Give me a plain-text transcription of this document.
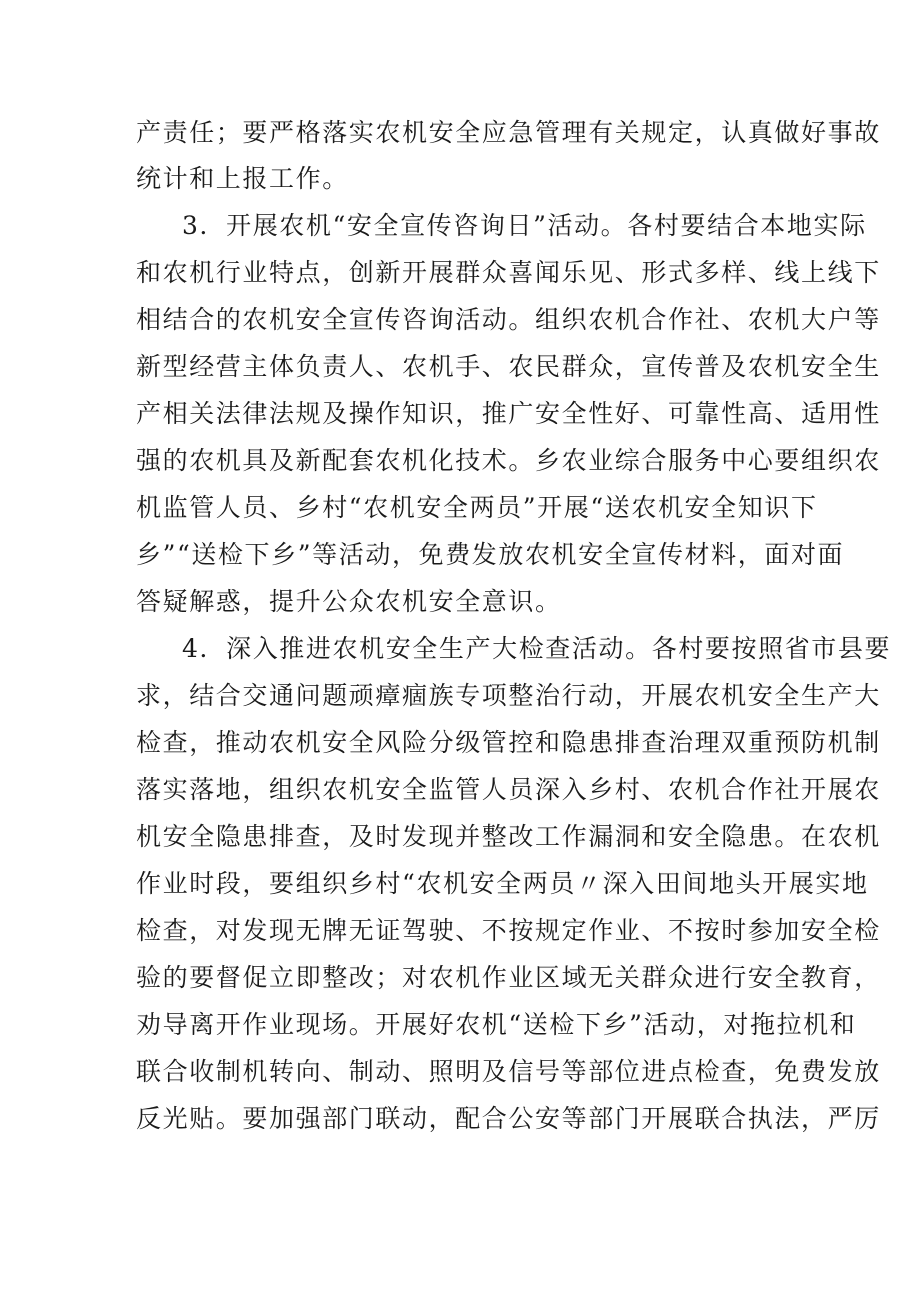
产责任；要严格落实农机安全应急管理有关规定，认真做好事故
统计和上报工作。
3．开展农机“安全宣传咨询日”活动。各村要结合本地实际
和农机行业特点，创新开展群众喜闻乐见、形式多样、线上线下
相结合的农机安全宣传咨询活动。组织农机合作社、农机大户等
新型经营主体负责人、农机手、农民群众，宣传普及农机安全生
产相关法律法规及操作知识，推广安全性好、可靠性高、适用性
强的农机具及新配套农机化技术。乡农业综合服务中心要组织农
机监管人员、乡村“农机安全两员”开展“送农机安全知识下
乡”“送检下乡”等活动，免费发放农机安全宣传材料，面对面
答疑解惑，提升公众农机安全意识。
4．深入推进农机安全生产大检查活动。各村要按照省市县要
求，结合交通问题顽瘴痼族专项整治行动，开展农机安全生产大
检查，推动农机安全风险分级管控和隐患排查治理双重预防机制
落实落地，组织农机安全监管人员深入乡村、农机合作社开展农
机安全隐患排查，及时发现并整改工作漏洞和安全隐患。在农机
作业时段，要组织乡村“农机安全两员〃深入田间地头开展实地
检查，对发现无牌无证驾驶、不按规定作业、不按时参加安全检
验的要督促立即整改；对农机作业区域无关群众进行安全教育，
劝导离开作业现场。开展好农机“送检下乡”活动，对拖拉机和
联合收制机转向、制动、照明及信号等部位进点检查，免费发放
反光贴。要加强部门联动，配合公安等部门开展联合执法，严厉
